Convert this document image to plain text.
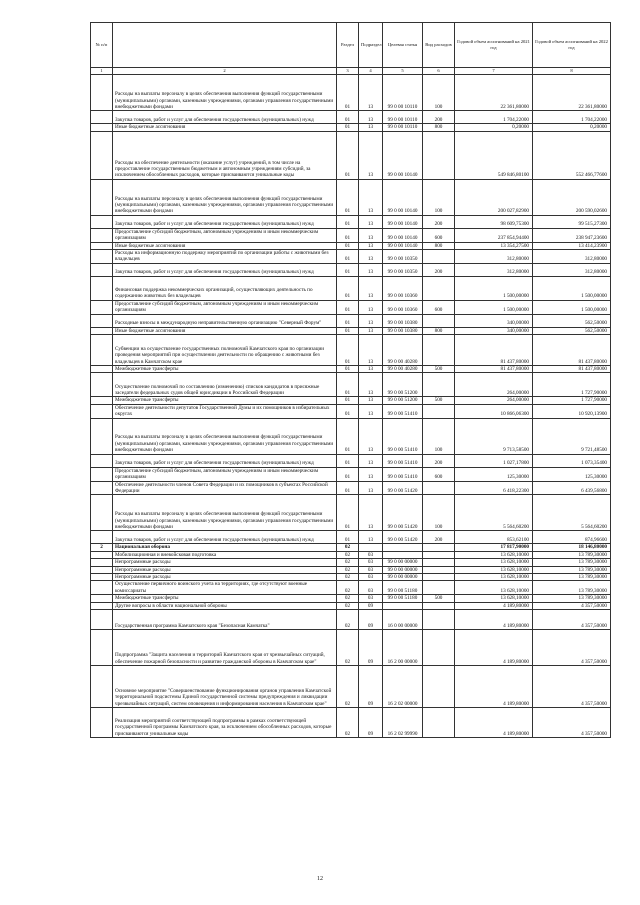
№ п/п		Раздел	Подраздел	Целевая статья	Вид расходов	Годовой объем ассигнований на 2021 год	Годовой объем ассигнований на 2022 год
1	2	3	4	5	6	7	8
	Расходы на выплаты персоналу в целях обеспечения выполнения функций государственными (муниципальными) органами, казенными учреждениями, органами управления государственными внебюджетными фондами	01	13	99 0 00 10110	100	22 361,80000	22 361,80000
	Закупка товаров, работ и услуг для обеспечения государственных (муниципальных) нужд	01	13	99 0 00 10110	200	1 704,22000	1 704,22000
	Иные бюджетные ассигнования	01	13	99 0 00 10110	800	0,20000	0,20000
	Расходы на обеспечение деятельности (оказание услуг) учреждений, в том числе на предоставление государственным бюджетным и автономным учреждениям субсидий, за исключением обособленных расходов, которые присваиваются уникальные коды	01	13	99 0 00 10140		549 846,80100	552 466,77600
	Расходы на выплаты персоналу в целях обеспечения выполнения функций государственными (муниципальными) органами, казенными учреждениями, органами управления государственными внебюджетными фондами	01	13	99 0 00 10140	100	200 027,82900	200 590,02600
	Закупка товаров, работ и услуг для обеспечения государственных (муниципальных) нужд	01	13	99 0 00 10140	200	98 609,75300	99 515,27300
	Предоставление субсидий бюджетным, автономным учреждениям и иным некоммерческим организациям	01	13	99 0 00 10140	600	237 854,94400	238 947,23600
	Иные бюджетные ассигнования	01	13	99 0 00 10140	800	13 354,27500	13 414,23900
	Расходы на информационную поддержку мероприятий по организации работы с животными без владельцев	01	13	99 0 00 10350		312,80000	312,80000
	Закупка товаров, работ и услуг для обеспечения государственных (муниципальных) нужд	01	13	99 0 00 10350	200	312,80000	312,80000
	Финансовая поддержка некоммерческих организаций, осуществляющих деятельность по содержанию животных без владельцев	01	13	99 0 00 10360		1 500,00000	1 500,00000
	Предоставление субсидий бюджетным, автономным учреждениям и иным некоммерческим организациям	01	13	99 0 00 10360	600	1 500,00000	1 500,00000
	Расходные взносы в международную неправительственную организацию "Северный Форум"	01	13	99 0 00 10380		340,00000	562,50000
	Иные бюджетные ассигнования	01	13	99 0 00 10380	800	340,00000	562,50000
	Субвенции на осуществление государственных полномочий Камчатского края по организации проведения мероприятий при осуществлении деятельности по обращению с животными без владельцев в Камчатском крае	01	13	99 0 00 40280		81 437,80000	81 437,80000
	Межбюджетные трансферты	01	13	99 0 00 40280	500	81 437,80000	81 437,80000
	Осуществление полномочий по составлению (изменению) списков кандидатов в присяжные заседатели федеральных судов общей юрисдикции в Российской Федерации	01	13	99 0 00 51200		264,00000	1 727,90000
	Межбюджетные трансферты	01	13	99 0 00 51200	500	264,00000	1 727,90000
	Обеспечение деятельности депутатов Государственной Думы и их помощников в избирательных округах	01	13	99 0 00 51410		10 866,06300	10 920,13900
	Расходы на выплаты персоналу в целях обеспечения выполнения функций государственными (муниципальными) органами, казенными учреждениями, органами управления государственными внебюджетными фондами	01	13	99 0 00 51410	100	9 713,58500	9 721,48500
	Закупка товаров, работ и услуг для обеспечения государственных (муниципальных) нужд	01	13	99 0 00 51410	200	1 027,17800	1 073,35400
	Предоставление субсидий бюджетным, автономным учреждениям и иным некоммерческим организациям	01	13	99 0 00 51410	600	125,30000	125,30000
	Обеспечение деятельности членов Совета Федерации и их помощников в субъектах Российской Федерации	01	13	99 0 00 51420		6 418,22300	6 439,56800
	Расходы на выплаты персоналу в целях обеспечения выполнения функций государственными (муниципальными) органами, казенными учреждениями, органами управления государственными внебюджетными фондами	01	13	99 0 00 51420	100	5 564,60200	5 564,60200
	Закупка товаров, работ и услуг для обеспечения государственных (муниципальных) нужд	01	13	99 0 00 51420	200	853,62100	874,96600
2	Национальная оборона	02				17 817,90000	18 146,80000
	Мобилизационная и вневойсковая подготовка	02	03			13 628,10000	13 789,30000
	Непрограммные расходы	02	03	99 0 00 00000		13 628,10000	13 789,30000
	Непрограммные расходы	02	03	99 0 00 00000		13 628,10000	13 789,30000
	Непрограммные расходы	02	03	99 0 00 00000		13 628,10000	13 789,30000
	Осуществление первичного воинского учета на территориях, где отсутствуют военные комиссариаты	02	03	99 0 00 51180		13 628,10000	13 789,30000
	Межбюджетные трансферты	02	03	99 0 00 51180	500	13 628,10000	13 789,30000
	Другие вопросы в области национальной обороны	02	09			4 189,80000	4 357,50000
	Государственная программа Камчатского края "Безопасная Камчатка"	02	09	16 0 00 00000		4 189,80000	4 357,50000
	Подпрограмма "Защита населения и территорий Камчатского края от чрезвычайных ситуаций, обеспечение пожарной безопасности и развитие гражданской обороны в Камчатском крае"	02	09	16 2 00 00000		4 189,80000	4 357,50000
	Основное мероприятие "Совершенствование функционирования органов управления Камчатской территориальной подсистемы Единой государственной системы предупреждения и ликвидации чрезвычайных ситуаций, систем оповещения и информирования населения в Камчатском крае"	02	09	16 2 02 00000		4 189,80000	4 357,50000
	Реализация мероприятий соответствующей подпрограммы в рамках соответствующей государственной программы Камчатского края, за исключением обособленных расходов, которые присваиваются уникальные коды	02	09	16 2 02 99990		4 189,80000	4 357,50000
12
